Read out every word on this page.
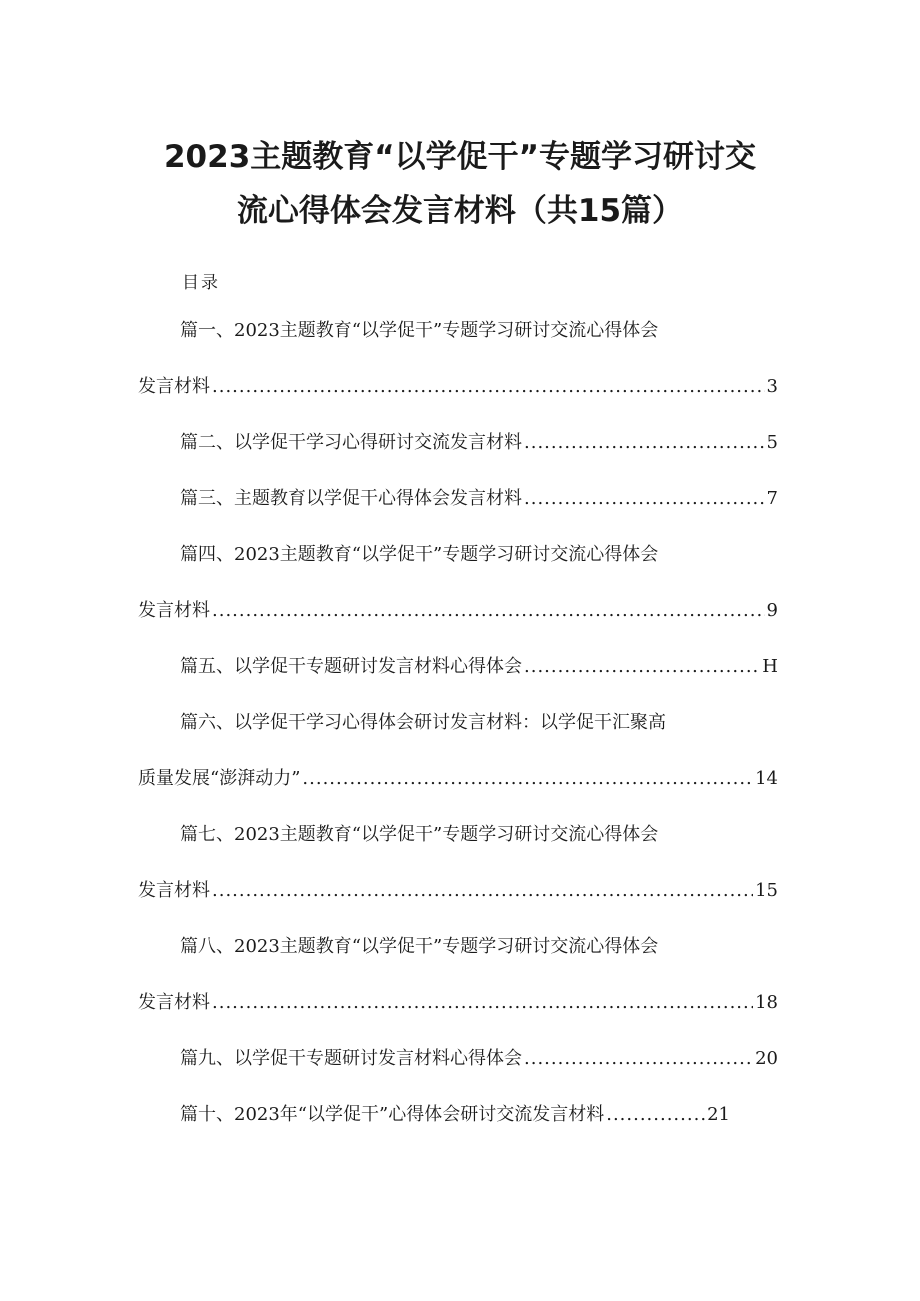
2023主题教育“以学促干”专题学习研讨交
流心得体会发言材料（共15篇）
目录
篇一、2023主题教育“以学促干”专题学习研讨交流心得体会
发言材料 .....	3
篇二、以学促干学习心得研讨交流发言材料 .....	5
篇三、主题教育以学促干心得体会发言材料 .....	7
篇四、2023主题教育“以学促干”专题学习研讨交流心得体会
发言材料 .....	9
篇五、以学促干专题研讨发言材料心得体会 .....	H
篇六、以学促干学习心得体会研讨发言材料：以学促干汇聚高
质量发展“澎湃动力” .....	14
篇七、2023主题教育“以学促干”专题学习研讨交流心得体会
发言材料 .....	15
篇八、2023主题教育“以学促干”专题学习研讨交流心得体会
发言材料 .....	18
篇九、以学促干专题研讨发言材料心得体会 .....	20
篇十、2023年“以学促干”心得体会研讨交流发言材料 .....	21
